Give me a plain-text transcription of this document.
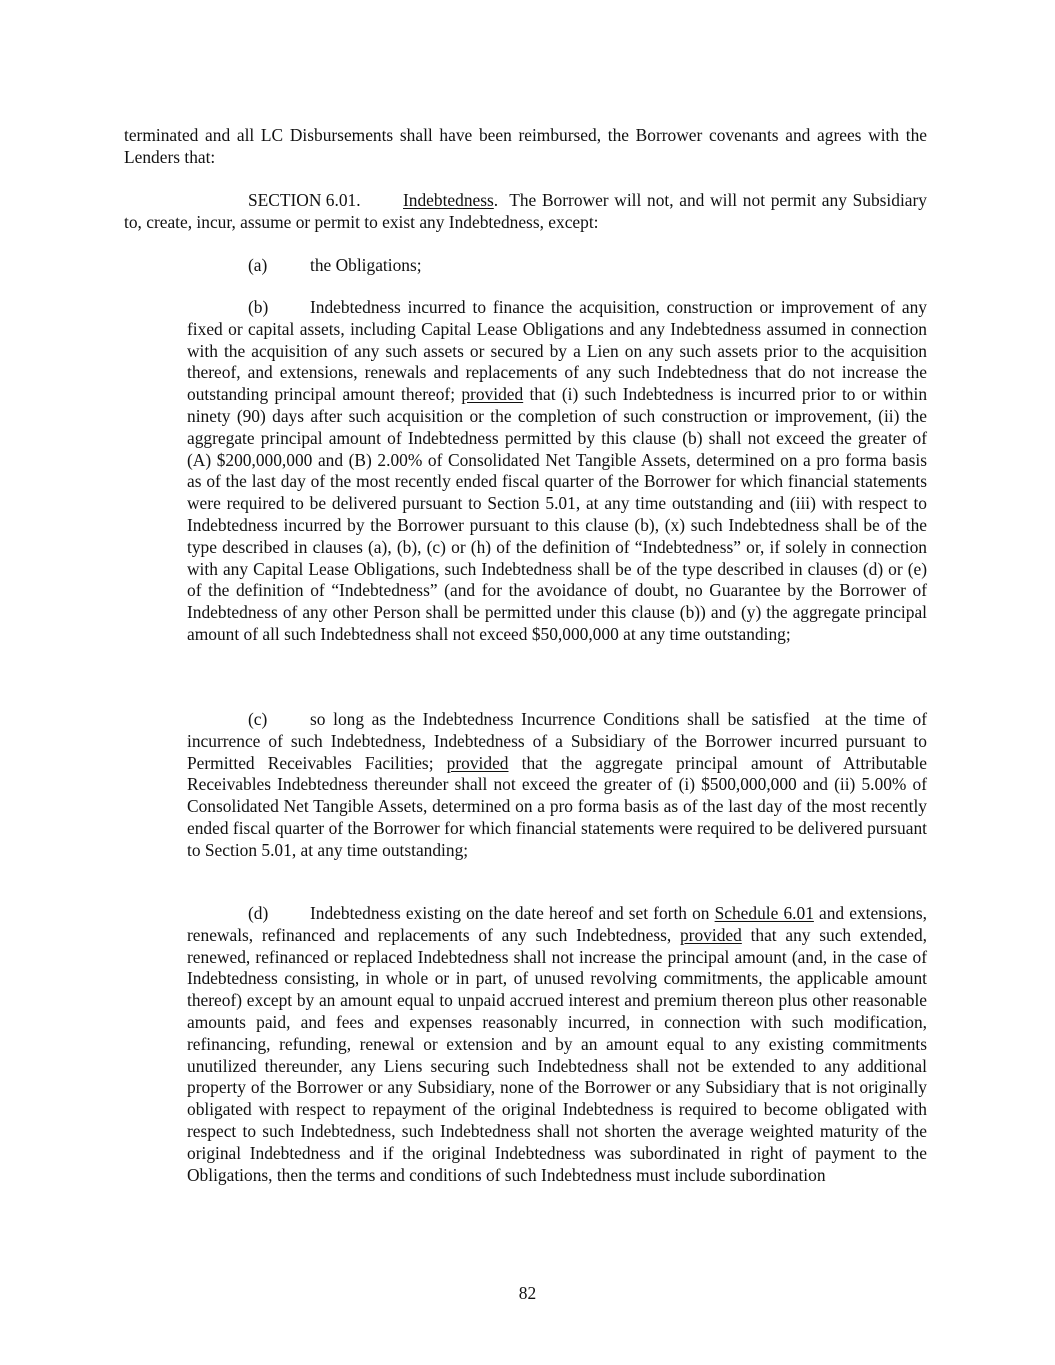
terminated and all LC Disbursements shall have been reimbursed, the Borrower covenants and agrees with the Lenders that:

SECTION 6.01. Indebtedness.  The Borrower will not, and will not permit any Subsidiary to, create, incur, assume or permit to exist any Indebtedness, except:

(a) the Obligations;

(b) Indebtedness incurred to finance the acquisition, construction or improvement of any fixed or capital assets, including Capital Lease Obligations and any Indebtedness assumed in connection with the acquisition of any such assets or secured by a Lien on any such assets prior to the acquisition thereof, and extensions, renewals and replacements of any such Indebtedness that do not increase the outstanding principal amount thereof; provided that (i) such Indebtedness is incurred prior to or within ninety (90) days after such acquisition or the completion of such construction or improvement, (ii) the aggregate principal amount of Indebtedness permitted by this clause (b) shall not exceed the greater of (A) $200,000,000 and (B) 2.00% of Consolidated Net Tangible Assets, determined on a pro forma basis as of the last day of the most recently ended fiscal quarter of the Borrower for which financial statements were required to be delivered pursuant to Section 5.01, at any time outstanding and (iii) with respect to Indebtedness incurred by the Borrower pursuant to this clause (b), (x) such Indebtedness shall be of the type described in clauses (a), (b), (c) or (h) of the definition of “Indebtedness” or, if solely in connection with any Capital Lease Obligations, such Indebtedness shall be of the type described in clauses (d) or (e) of the definition of “Indebtedness” (and for the avoidance of doubt, no Guarantee by the Borrower of Indebtedness of any other Person shall be permitted under this clause (b)) and (y) the aggregate principal amount of all such Indebtedness shall not exceed $50,000,000 at any time outstanding;

(c) so long as the Indebtedness Incurrence Conditions shall be satisfied  at the time of incurrence of such Indebtedness, Indebtedness of a Subsidiary of the Borrower incurred pursuant to Permitted Receivables Facilities; provided that the aggregate principal amount of Attributable Receivables Indebtedness thereunder shall not exceed the greater of (i) $500,000,000 and (ii) 5.00% of Consolidated Net Tangible Assets, determined on a pro forma basis as of the last day of the most recently ended fiscal quarter of the Borrower for which financial statements were required to be delivered pursuant to Section 5.01, at any time outstanding;

(d) Indebtedness existing on the date hereof and set forth on Schedule 6.01 and extensions, renewals, refinanced and replacements of any such Indebtedness, provided that any such extended, renewed, refinanced or replaced Indebtedness shall not increase the principal amount (and, in the case of Indebtedness consisting, in whole or in part, of unused revolving commitments, the applicable amount thereof) except by an amount equal to unpaid accrued interest and premium thereon plus other reasonable amounts paid, and fees and expenses reasonably incurred, in connection with such modification, refinancing, refunding, renewal or extension and by an amount equal to any existing commitments unutilized thereunder, any Liens securing such Indebtedness shall not be extended to any additional property of the Borrower or any Subsidiary, none of the Borrower or any Subsidiary that is not originally obligated with respect to repayment of the original Indebtedness is required to become obligated with respect to such Indebtedness, such Indebtedness shall not shorten the average weighted maturity of the original Indebtedness and if the original Indebtedness was subordinated in right of payment to the Obligations, then the terms and conditions of such Indebtedness must include subordination

82
